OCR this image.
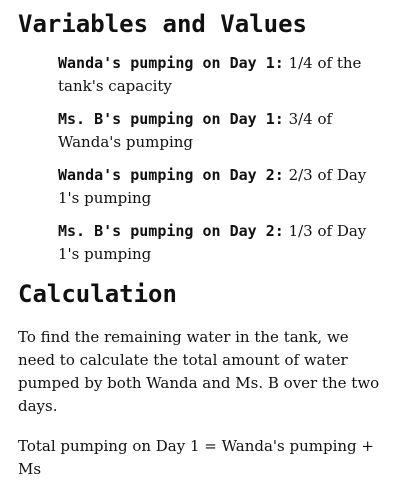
Variables and Values
Wanda's pumping on Day 1: 1/4 of the tank's capacity
Ms. B's pumping on Day 1: 3/4 of Wanda's pumping
Wanda's pumping on Day 2: 2/3 of Day 1's pumping
Ms. B's pumping on Day 2: 1/3 of Day 1's pumping
Calculation

To find the remaining water in the tank, we need to calculate the total amount of water pumped by both Wanda and Ms. B over the two days.

Total pumping on Day 1 = Wanda's pumping + Ms
